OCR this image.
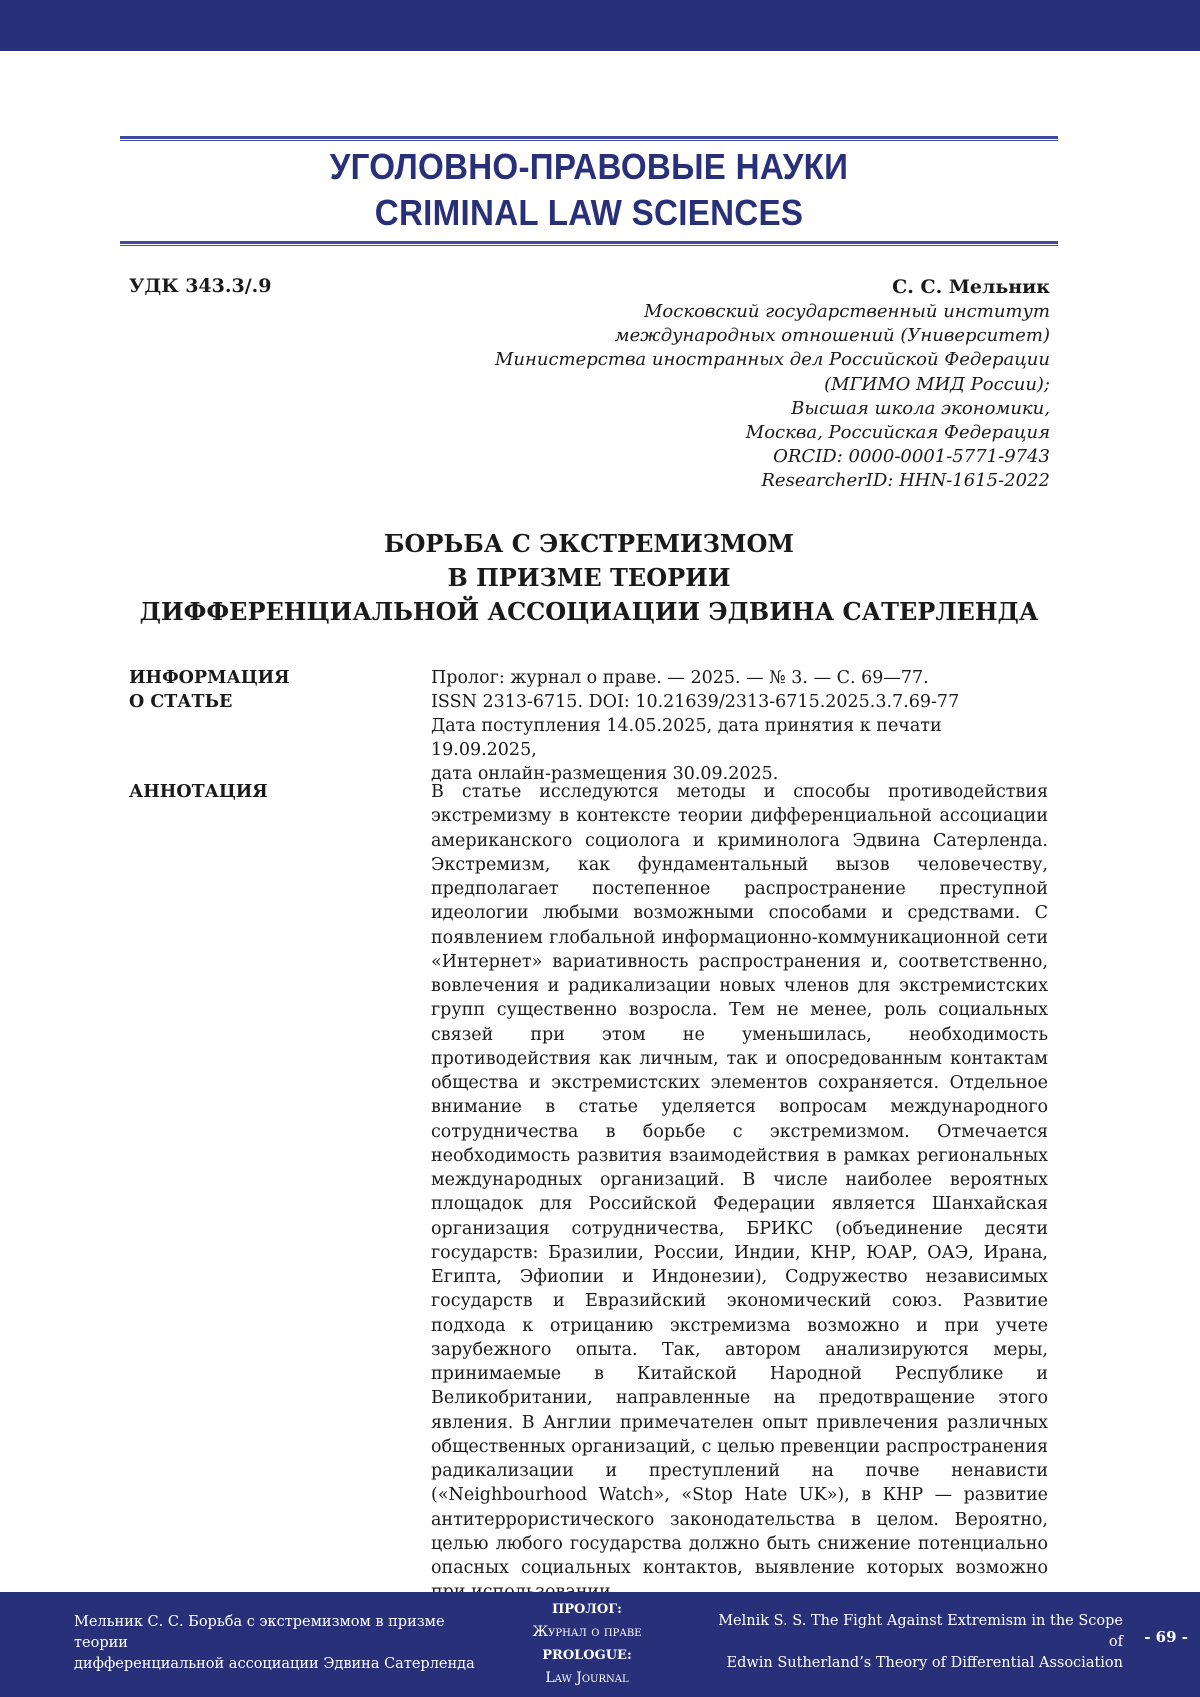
УГОЛОВНО-ПРАВОВЫЕ НАУКИ
CRIMINAL LAW SCIENCES
УДК 343.3/.9	С. С. Мельник
Московский государственный институт
международных отношений (Университет)
Министерства иностранных дел Российской Федерации
(МГИМО МИД России);
Высшая школа экономики,
Москва, Российская Федерация
ORCID: 0000-0001-5771-9743
ResearcherID: HHN-1615-2022
БОРЬБА С ЭКСТРЕМИЗМОМ
В ПРИЗМЕ ТЕОРИИ
ДИФФЕРЕНЦИАЛЬНОЙ АССОЦИАЦИИ ЭДВИНА САТЕРЛЕНДА
ИНФОРМАЦИЯ
О СТАТЬЕ
Пролог: журнал о праве. — 2025. — № 3. — С. 69—77.
ISSN 2313-6715. DOI: 10.21639/2313-6715.2025.3.7.69-77
Дата поступления 14.05.2025, дата принятия к печати 19.09.2025,
дата онлайн-размещения 30.09.2025.
АННОТАЦИЯ	В статье исследуются методы и способы противодействия экстремизму в контексте теории дифференциальной ассоциации американского социолога и криминолога Эдвина Сатерленда. Экстремизм, как фундаментальный вызов человечеству, предполагает постепенное распространение преступной идеологии любыми возможными способами и средствами. С появлением глобальной информационно-коммуникационной сети «Интернет» вариативность распространения и, соответственно, вовлечения и радикализации новых членов для экстремистских групп существенно возросла. Тем не менее, роль социальных связей при этом не уменьшилась, необходимость противодействия как личным, так и опосредованным контактам общества и экстремистских элементов сохраняется. Отдельное внимание в статье уделяется вопросам международного сотрудничества в борьбе с экстремизмом. Отмечается необходимость развития взаимодействия в рамках региональных международных организаций. В числе наиболее вероятных площадок для Российской Федерации является Шанхайская организация сотрудничества, БРИКС (объединение десяти государств: Бразилии, России, Индии, КНР, ЮАР, ОАЭ, Ирана, Египта, Эфиопии и Индонезии), Содружество независимых государств и Евразийский экономический союз. Развитие подхода к отрицанию экстремизма возможно и при учете зарубежного опыта. Так, автором анализируются меры, принимаемые в Китайской Народной Республике и Великобритании, направленные на предотвращение этого явления. В Англии примечателен опыт привлечения различных общественных организаций, с целью превенции распространения радикализации и преступлений на почве ненависти («Neighbourhood Watch», «Stop Hate UK»), в КНР — развитие антитеррористического законодательства в целом. Вероятно, целью любого государства должно быть снижение потенциально опасных социальных контактов, выявление которых возможно
Мельник С. С. Борьба с экстремизмом в призме теории
дифференциальной ассоциации Эдвина Сатерленда
ПРОЛОГ:
Журнал о праве
PROLOGUE:
Law Journal
Melnik S. S. The Fight Against Extremism in the Scope of
Edwin Sutherland’s Theory of Differential Association
- 69 -
